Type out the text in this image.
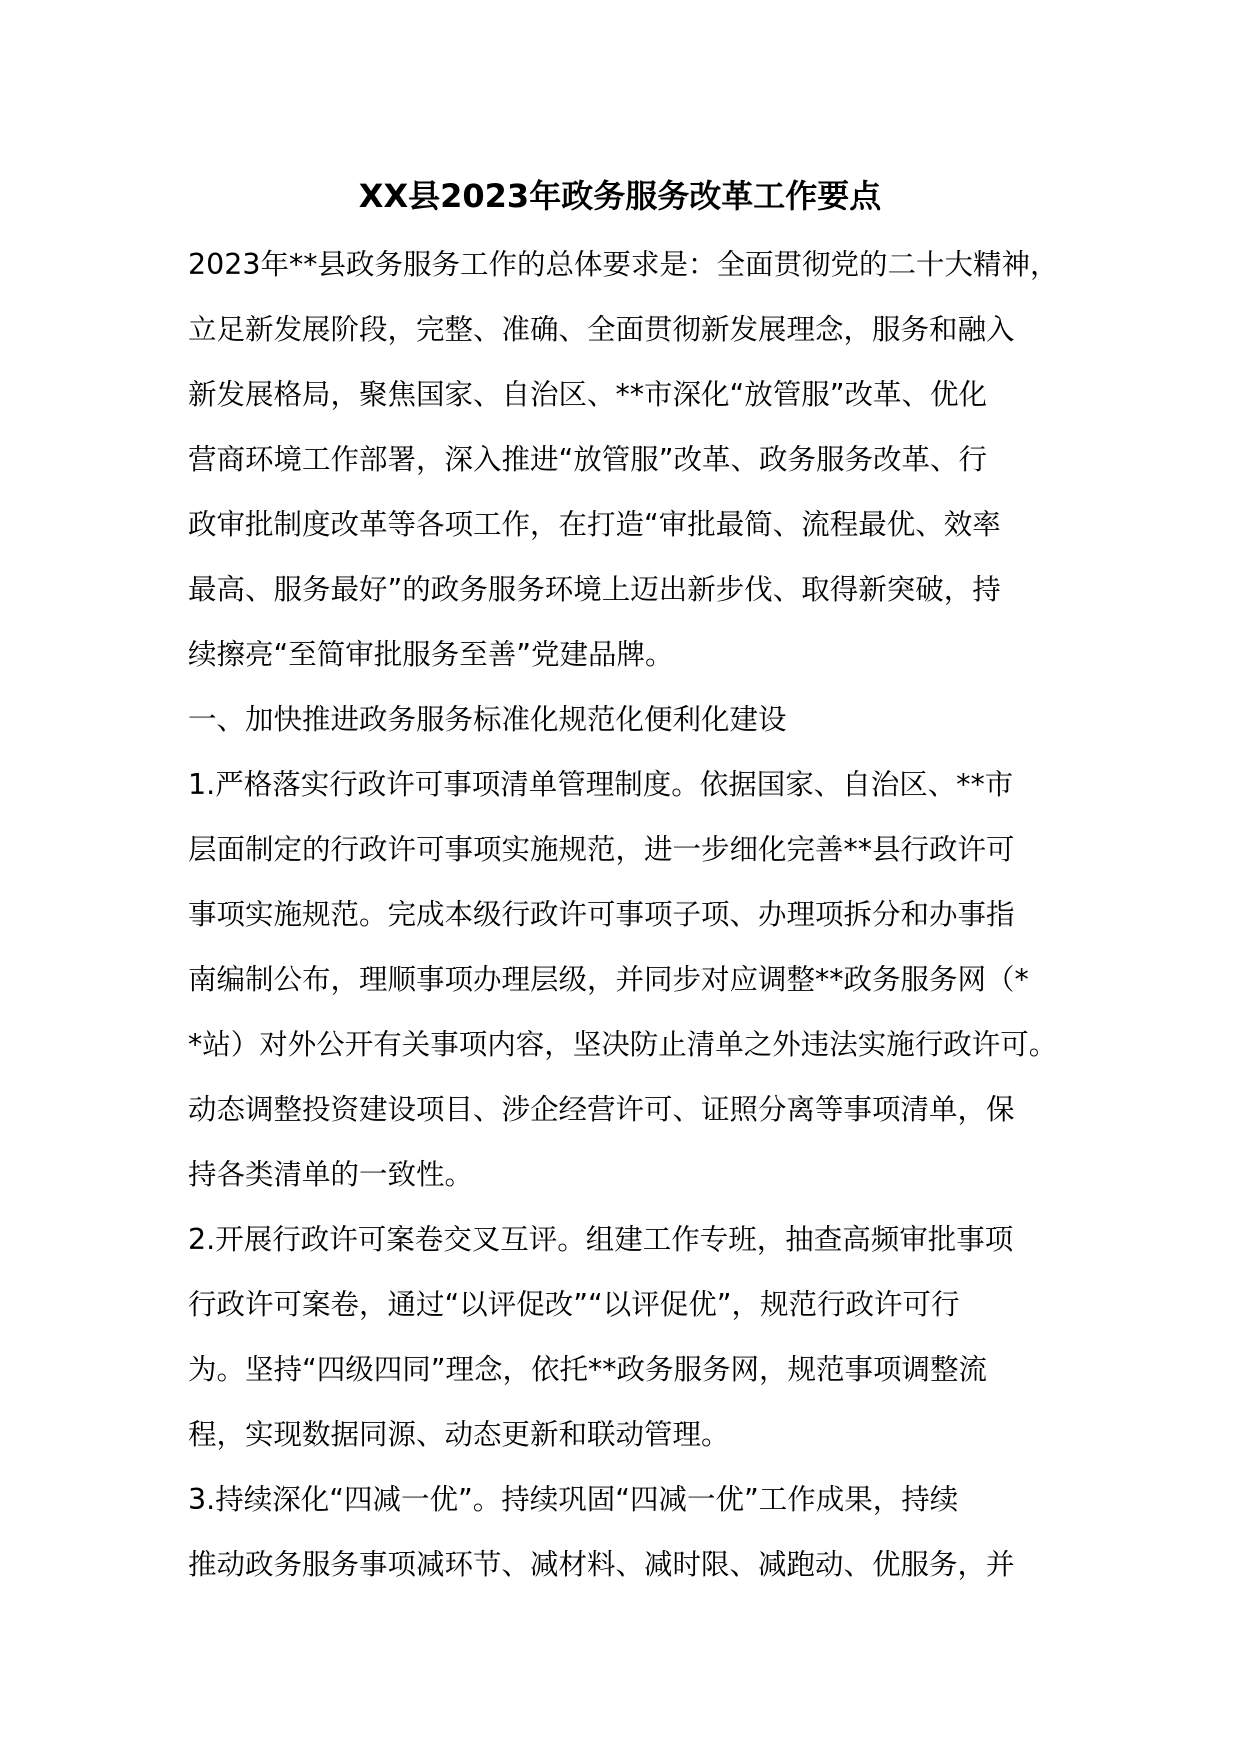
XX县2023年政务服务改革工作要点
2023年**县政务服务工作的总体要求是：全面贯彻党的二十大精神，
立足新发展阶段，完整、准确、全面贯彻新发展理念，服务和融入
新发展格局，聚焦国家、自治区、**市深化“放管服”改革、优化
营商环境工作部署，深入推进“放管服”改革、政务服务改革、行
政审批制度改革等各项工作，在打造“审批最简、流程最优、效率
最高、服务最好”的政务服务环境上迈出新步伐、取得新突破，持
续擦亮“至简审批服务至善”党建品牌。
一、加快推进政务服务标准化规范化便利化建设
1.严格落实行政许可事项清单管理制度。依据国家、自治区、**市
层面制定的行政许可事项实施规范，进一步细化完善**县行政许可
事项实施规范。完成本级行政许可事项子项、办理项拆分和办事指
南编制公布，理顺事项办理层级，并同步对应调整**政务服务网（*
*站）对外公开有关事项内容，坚决防止清单之外违法实施行政许可。
动态调整投资建设项目、涉企经营许可、证照分离等事项清单，保
持各类清单的一致性。
2.开展行政许可案卷交叉互评。组建工作专班，抽查高频审批事项
行政许可案卷，通过“以评促改”“以评促优”，规范行政许可行
为。坚持“四级四同”理念，依托**政务服务网，规范事项调整流
程，实现数据同源、动态更新和联动管理。
3.持续深化“四减一优”。持续巩固“四减一优”工作成果，持续
推动政务服务事项减环节、减材料、减时限、减跑动、优服务，并
